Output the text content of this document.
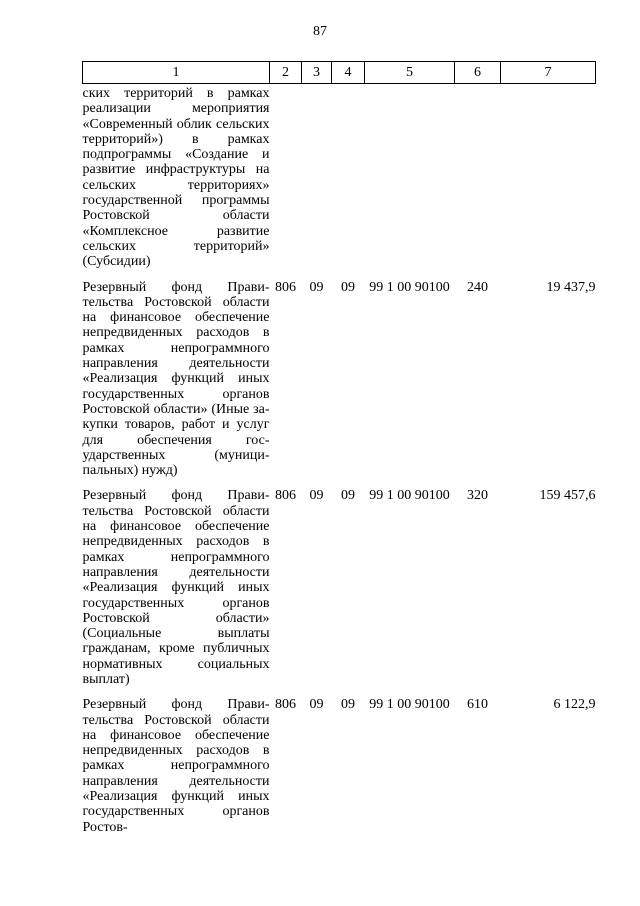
87
1	2	3	4	5	6	7
ских территорий в рамках реализации мероприятия «Современный облик сельских территорий») в рамках подпрограммы «Создание и развитие инфраструктуры на сельских территориях» государственной программы Ростовской области «Комплексное развитие сельских территорий» (Субсидии)						
Резервный фонд Правительства Ростовской области на финансовое обеспечение непредвиденных расходов в рамках непрограммного направления деятельности «Реализация функций иных государственных органов Ростовской области» (Иные закупки товаров, работ и услуг для обеспечения государственных (муниципальных) нужд)	806	09	09	99 1 00 90100	240	19 437,9
Резервный фонд Правительства Ростовской области на финансовое обеспечение непредвиденных расходов в рамках непрограммного направления деятельности «Реализация функций иных государственных органов Ростовской области» (Социальные выплаты гражданам, кроме публичных нормативных социальных выплат)	806	09	09	99 1 00 90100	320	159 457,6
Резервный фонд Правительства Ростовской области на финансовое обеспечение непредвиденных расходов в рамках непрограммного направления деятельности «Реализация функций иных государственных органов Ростов-	806	09	09	99 1 00 90100	610	6 122,9
